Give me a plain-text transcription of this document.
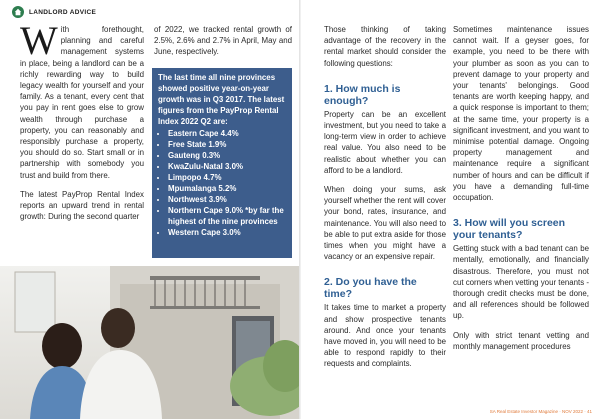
LANDLORD ADVICE

With forethought, planning and careful management systems in place, being a landlord can be a richly rewarding way to build legacy wealth for yourself and your family. As a tenant, every cent that you pay in rent goes else to grow wealth through purchase a property, you can reasonably and responsibly purchase a property, you should do so. Start small or in partnership with somebody you trust and build from there.

The latest PayProp Rental Index reports an upward trend in rental growth: During the second quarter

of 2022, we tracked rental growth of 2.5%, 2.6% and 2.7% in April, May and June, respectively.

The last time all nine provinces showed positive year-on-year growth was in Q3 2017. The latest figures from the PayProp Rental Index 2022 Q2 are:

• Eastern Cape 4.4%
• Free State 1.9%
• Gauteng 0.3%
• KwaZulu-Natal 3.0%
• Limpopo 4.7%
• Mpumalanga 5.2%
• Northwest 3.9%
• Northern Cape 9.0% *by far the highest of the nine provinces
• Western Cape 3.0%

Those thinking of taking advantage of the recovery in the rental market should consider the following questions:

1. How much is enough?

Property can be an excellent investment, but you need to take a long-term view in order to achieve real value. You also need to be realistic about whether you can afford to be a landlord.

When doing your sums, ask yourself whether the rent will cover your bond, rates, insurance, and maintenance. You will also need to be able to put extra aside for those times when you might have a vacancy or an expensive repair.

2. Do you have the time?

It takes time to market a property and show prospective tenants around. And once your tenants have moved in, you will need to be able to respond rapidly to their requests and complaints.

Sometimes maintenance issues cannot wait. If a geyser goes, for example, you need to be there with your plumber as soon as you can to prevent damage to your property and your tenants' belongings. Good tenants are worth keeping happy, and a quick response is important to them; at the same time, your property is a significant investment, and you want to minimise potential damage. Ongoing property management and maintenance require a significant number of hours and can be difficult if you have a demanding full-time occupation.

3. How will you screen your tenants?

Getting stuck with a bad tenant can be mentally, emotionally, and financially disastrous. Therefore, you must not cut corners when vetting your tenants - thorough credit checks must be done, and all references should be followed up.

Only with strict tenant vetting and monthly management procedures

SA Real Estate Investor Magazine · NOV 2022 · 41
